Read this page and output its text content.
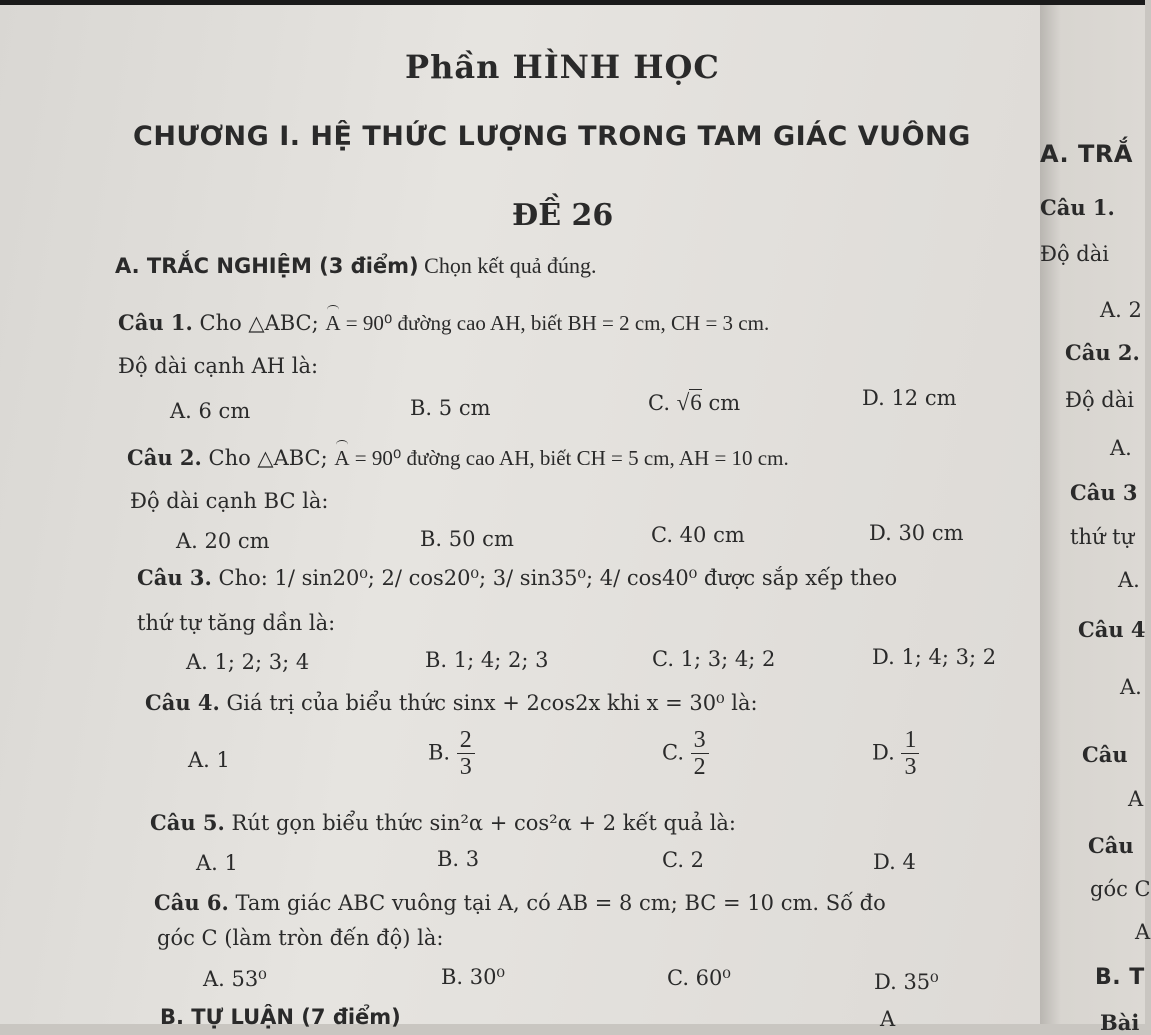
Phần HÌNH HỌC
CHƯƠNG I. HỆ THỨC LƯỢNG TRONG TAM GIÁC VUÔNG
ĐỀ 26
A. TRẮC NGHIỆM (3 điểm) Chọn kết quả đúng.
Câu 1. Cho △ABC; A = 90⁰ đường cao AH, biết BH = 2 cm, CH = 3 cm.
Độ dài cạnh AH là:
A. 6 cm	B. 5 cm	C. √6 cm	D. 12 cm
Câu 2. Cho △ABC; A = 90⁰ đường cao AH, biết CH = 5 cm, AH = 10 cm.
Độ dài cạnh BC là:
A. 20 cm	B. 50 cm	C. 40 cm	D. 30 cm
Câu 3. Cho: 1/ sin20⁰; 2/ cos20⁰; 3/ sin35⁰; 4/ cos40⁰ được sắp xếp theo
thứ tự tăng dần là:
A. 1; 2; 3; 4	B. 1; 4; 2; 3	C. 1; 3; 4; 2	D. 1; 4; 3; 2
Câu 4. Giá trị của biểu thức sinx + 2cos2x khi x = 30⁰ là:
A. 1	B. $\frac{2}{3}$	C. $\frac{3}{2}$	D. $\frac{1}{3}$
Câu 5. Rút gọn biểu thức sin²α + cos²α + 2 kết quả là:
A. 1	B. 3	C. 2	D. 4
Câu 6. Tam giác ABC vuông tại A, có AB = 8 cm; BC = 10 cm. Số đo
góc C (làm tròn đến độ) là:
A. 53⁰	B. 30⁰	C. 60⁰	D. 35⁰
B. TỰ LUẬN (7 điểm)	A
A. TRẮ
Câu 1.
Độ dài
A. 2
Câu 2.
Độ dài
A.
Câu 3
thứ tự
A.
Câu 4
A.
Câu
A
Câu
góc C
A
B. T
Bài
